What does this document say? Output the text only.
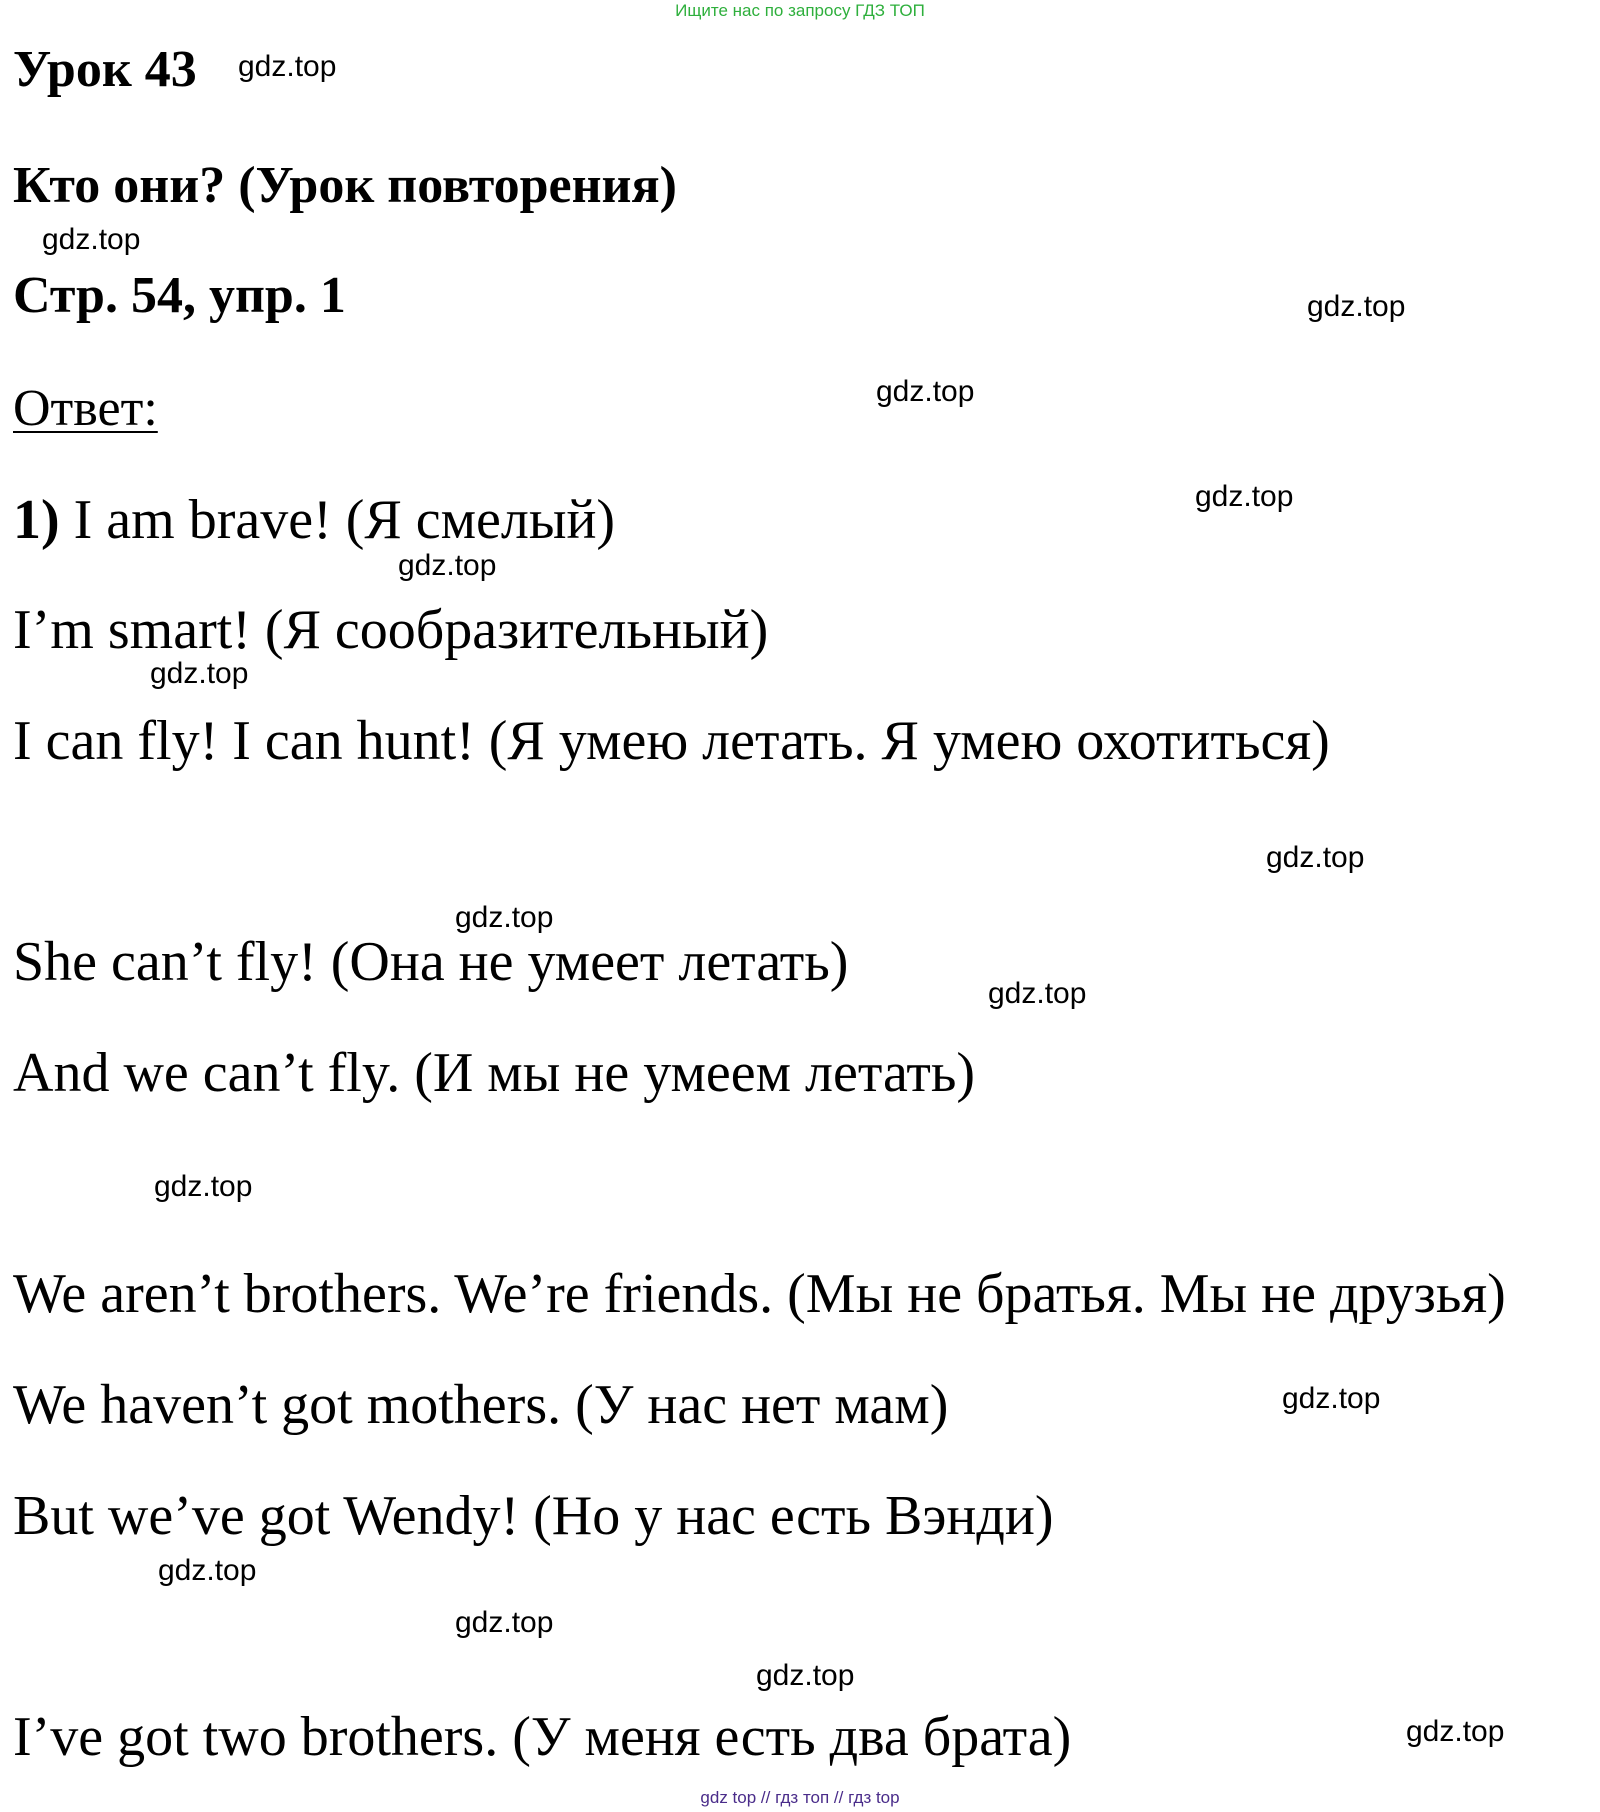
Ищите нас по запросу ГДЗ ТОП
Урок 43
Кто они? (Урок повторения)
Стр. 54, упр. 1
Ответ:
1) I am brave! (Я смелый)
I’m smart! (Я сообразительный)
I can fly! I can hunt! (Я умею летать. Я умею охотиться)
She can’t fly! (Она не умеет летать)
And we can’t fly. (И мы не умеем летать)
We aren’t brothers. We’re friends. (Мы не братья. Мы не друзья)
We haven’t got mothers. (У нас нет мам)
But we’ve got Wendy! (Но у нас есть Вэнди)
I’ve got two brothers. (У меня есть два брата)
gdz.top
gdz.top
gdz.top
gdz.top
gdz.top
gdz.top
gdz.top
gdz.top
gdz.top
gdz.top
gdz.top
gdz.top
gdz.top
gdz.top
gdz.top
gdz.top
gdz top // гдз топ // гдз top
